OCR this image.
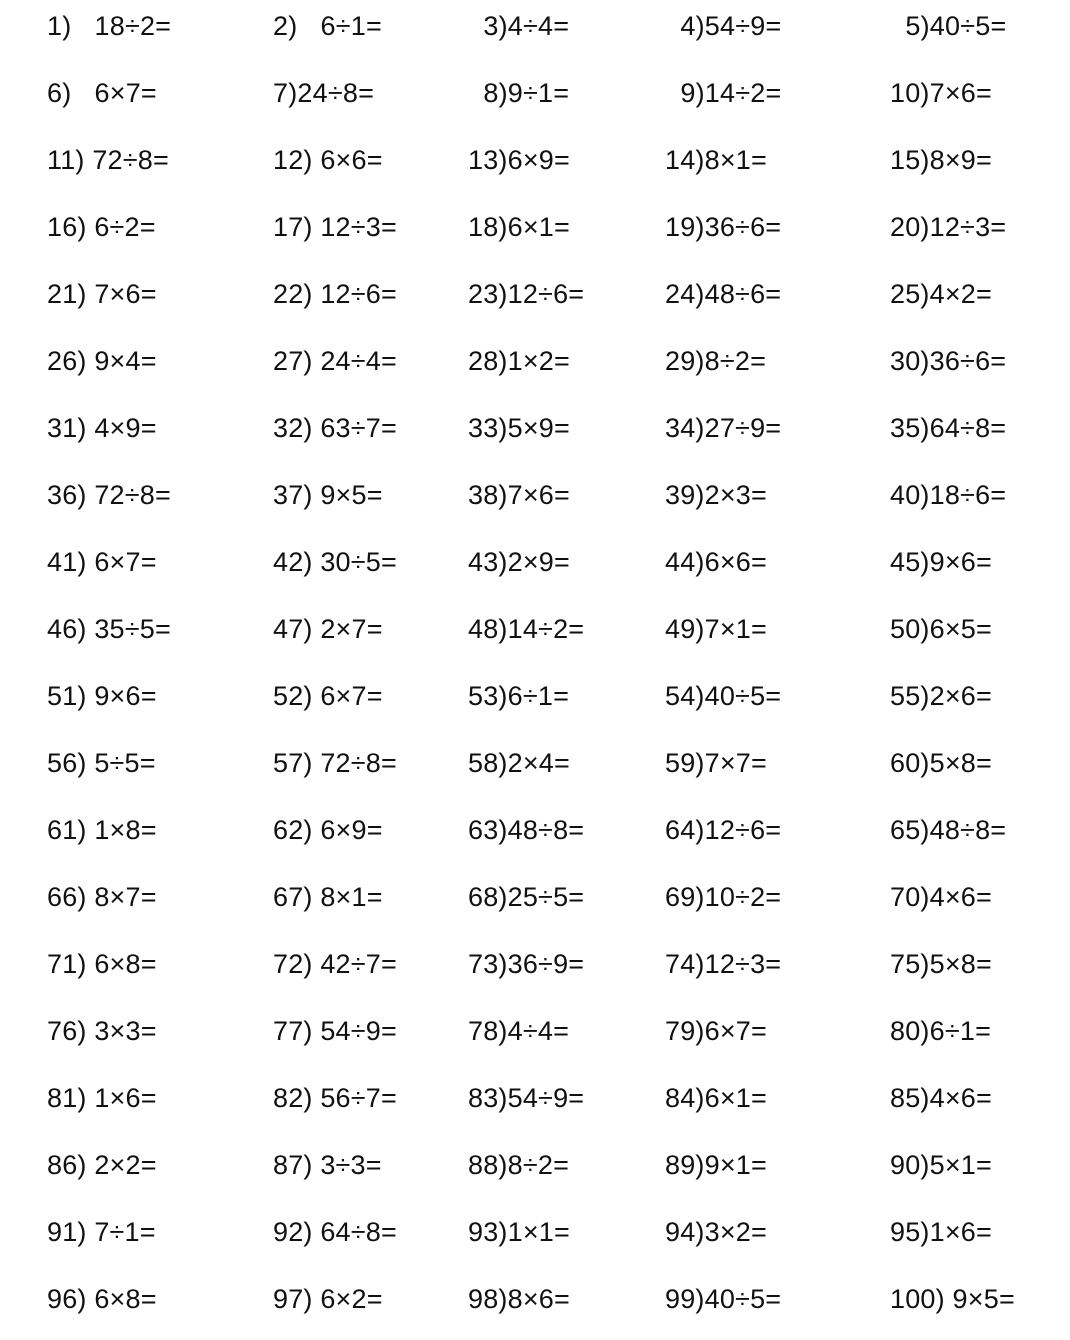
1)   18÷2=	2)   6÷1=	3)4÷4=	4)54÷9=	5)40÷5=
6)   6×7=	7)24÷8=	8)9÷1=	9)14÷2=	10)7×6=
11) 72÷8=	12) 6×6=	13)6×9=	14)8×1=	15)8×9=
16) 6÷2=	17) 12÷3=	18)6×1=	19)36÷6=	20)12÷3=
21) 7×6=	22) 12÷6=	23)12÷6=	24)48÷6=	25)4×2=
26) 9×4=	27) 24÷4=	28)1×2=	29)8÷2=	30)36÷6=
31) 4×9=	32) 63÷7=	33)5×9=	34)27÷9=	35)64÷8=
36) 72÷8=	37) 9×5=	38)7×6=	39)2×3=	40)18÷6=
41) 6×7=	42) 30÷5=	43)2×9=	44)6×6=	45)9×6=
46) 35÷5=	47) 2×7=	48)14÷2=	49)7×1=	50)6×5=
51) 9×6=	52) 6×7=	53)6÷1=	54)40÷5=	55)2×6=
56) 5÷5=	57) 72÷8=	58)2×4=	59)7×7=	60)5×8=
61) 1×8=	62) 6×9=	63)48÷8=	64)12÷6=	65)48÷8=
66) 8×7=	67) 8×1=	68)25÷5=	69)10÷2=	70)4×6=
71) 6×8=	72) 42÷7=	73)36÷9=	74)12÷3=	75)5×8=
76) 3×3=	77) 54÷9=	78)4÷4=	79)6×7=	80)6÷1=
81) 1×6=	82) 56÷7=	83)54÷9=	84)6×1=	85)4×6=
86) 2×2=	87) 3÷3=	88)8÷2=	89)9×1=	90)5×1=
91) 7÷1=	92) 64÷8=	93)1×1=	94)3×2=	95)1×6=
96) 6×8=	97) 6×2=	98)8×6=	99)40÷5=	100) 9×5=
